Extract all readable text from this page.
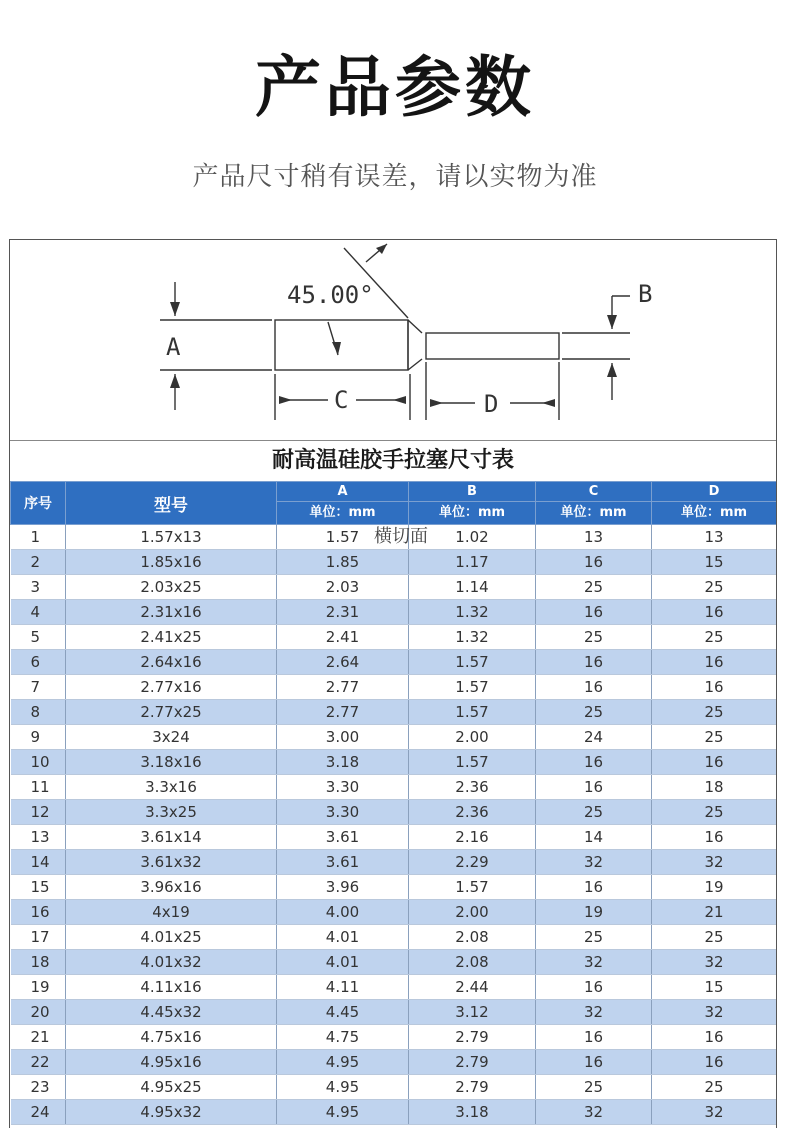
产品参数
产品尺寸稍有误差，请以实物为准
45.00°
A
B
C	D
耐高温硅胶手拉塞尺寸表
序号	型号	A	B	C	D
		单位：mm	单位：mm	单位：mm	单位：mm
1	1.57x13	1.57	1.02	13	13
2	1.85x16	1.85	1.17	16	15
3	2.03x25	2.03	1.14	25	25
4	2.31x16	2.31	1.32	16	16
5	2.41x25	2.41	1.32	25	25
6	2.64x16	2.64	1.57	16	16
7	2.77x16	2.77	1.57	16	16
8	2.77x25	2.77	1.57	25	25
9	3x24	3.00	2.00	24	25
10	3.18x16	3.18	1.57	16	16
11	3.3x16	3.30	2.36	16	18
12	3.3x25	3.30	2.36	25	25
13	3.61x14	3.61	2.16	14	16
14	3.61x32	3.61	2.29	32	32
15	3.96x16	3.96	1.57	16	19
16	4x19	4.00	2.00	19	21
17	4.01x25	4.01	2.08	25	25
18	4.01x32	4.01	2.08	32	32
19	4.11x16	4.11	2.44	16	15
20	4.45x32	4.45	3.12	32	32
21	4.75x16	4.75	2.79	16	16
22	4.95x16	4.95	2.79	16	16
23	4.95x25	4.95	2.79	25	25
24	4.95x32	4.95	3.18	32	32
横切面
